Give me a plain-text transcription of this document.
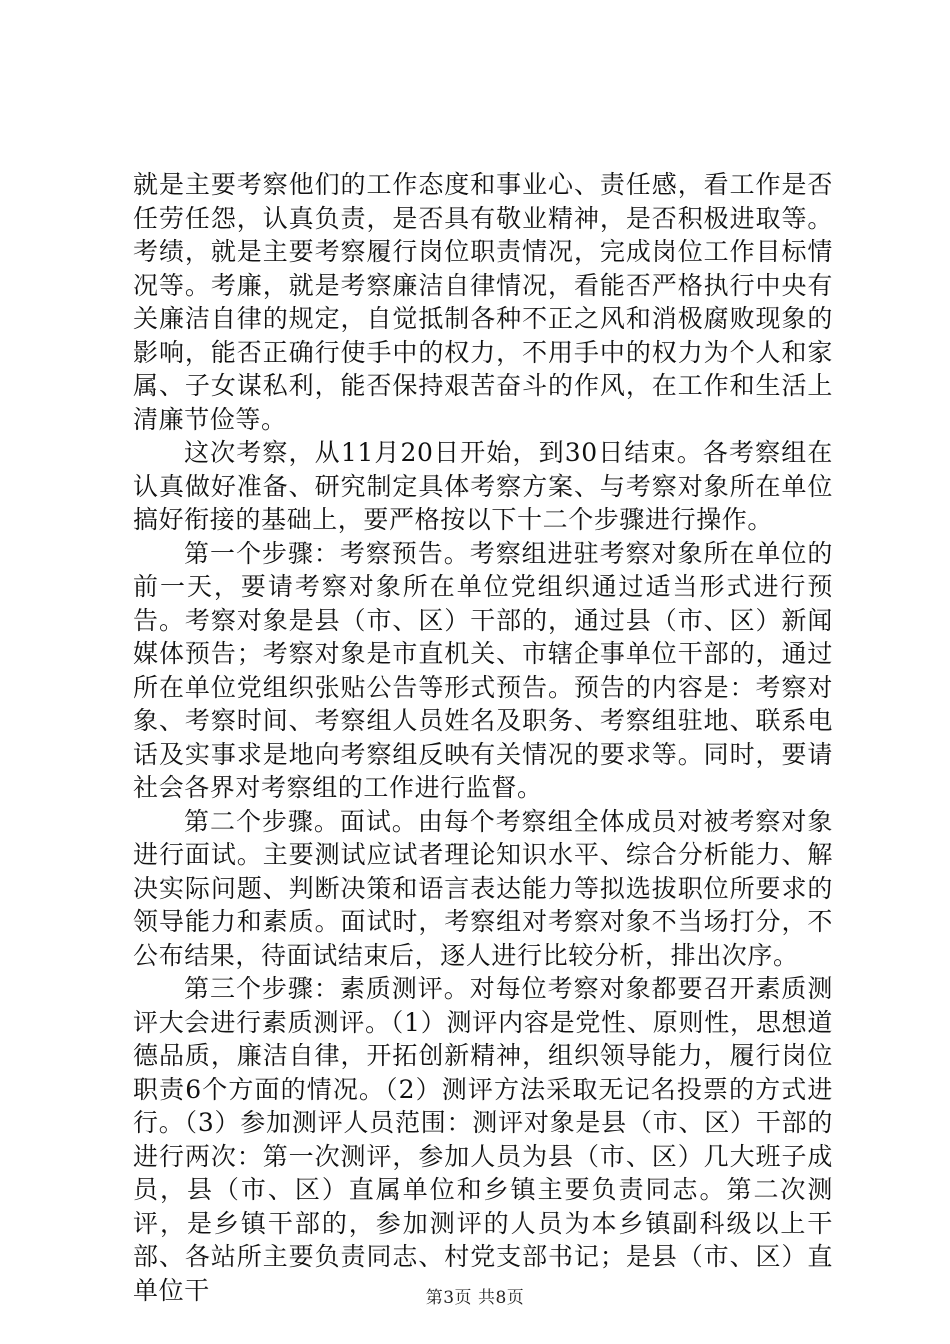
就是主要考察他们的工作态度和事业心、责任感，看工作是否任劳任怨，认真负责，是否具有敬业精神，是否积极进取等。考绩，就是主要考察履行岗位职责情况，完成岗位工作目标情况等。考廉，就是考察廉洁自律情况，看能否严格执行中央有关廉洁自律的规定，自觉抵制各种不正之风和消极腐败现象的影响，能否正确行使手中的权力，不用手中的权力为个人和家属、子女谋私利，能否保持艰苦奋斗的作风，在工作和生活上清廉节俭等。

这次考察，从11月20日开始，到30日结束。各考察组在认真做好准备、研究制定具体考察方案、与考察对象所在单位搞好衔接的基础上，要严格按以下十二个步骤进行操作。

第一个步骤：考察预告。考察组进驻考察对象所在单位的前一天，要请考察对象所在单位党组织通过适当形式进行预告。考察对象是县（市、区）干部的，通过县（市、区）新闻媒体预告；考察对象是市直机关、市辖企事单位干部的，通过所在单位党组织张贴公告等形式预告。预告的内容是：考察对象、考察时间、考察组人员姓名及职务、考察组驻地、联系电话及实事求是地向考察组反映有关情况的要求等。同时，要请社会各界对考察组的工作进行监督。

第二个步骤。面试。由每个考察组全体成员对被考察对象进行面试。主要测试应试者理论知识水平、综合分析能力、解决实际问题、判断决策和语言表达能力等拟选拔职位所要求的领导能力和素质。面试时，考察组对考察对象不当场打分，不公布结果，待面试结束后，逐人进行比较分析，排出次序。

第三个步骤：素质测评。对每位考察对象都要召开素质测评大会进行素质测评。（1）测评内容是党性、原则性，思想道德品质，廉洁自律，开拓创新精神，组织领导能力，履行岗位职责6个方面的情况。（2）测评方法采取无记名投票的方式进行。（3）参加测评人员范围：测评对象是县（市、区）干部的进行两次：第一次测评，参加人员为县（市、区）几大班子成员，县（市、区）直属单位和乡镇主要负责同志。第二次测评，是乡镇干部的，参加测评的人员为本乡镇副科级以上干部、各站所主要负责同志、村党支部书记；是县（市、区）直单位干	第3页 共8页
